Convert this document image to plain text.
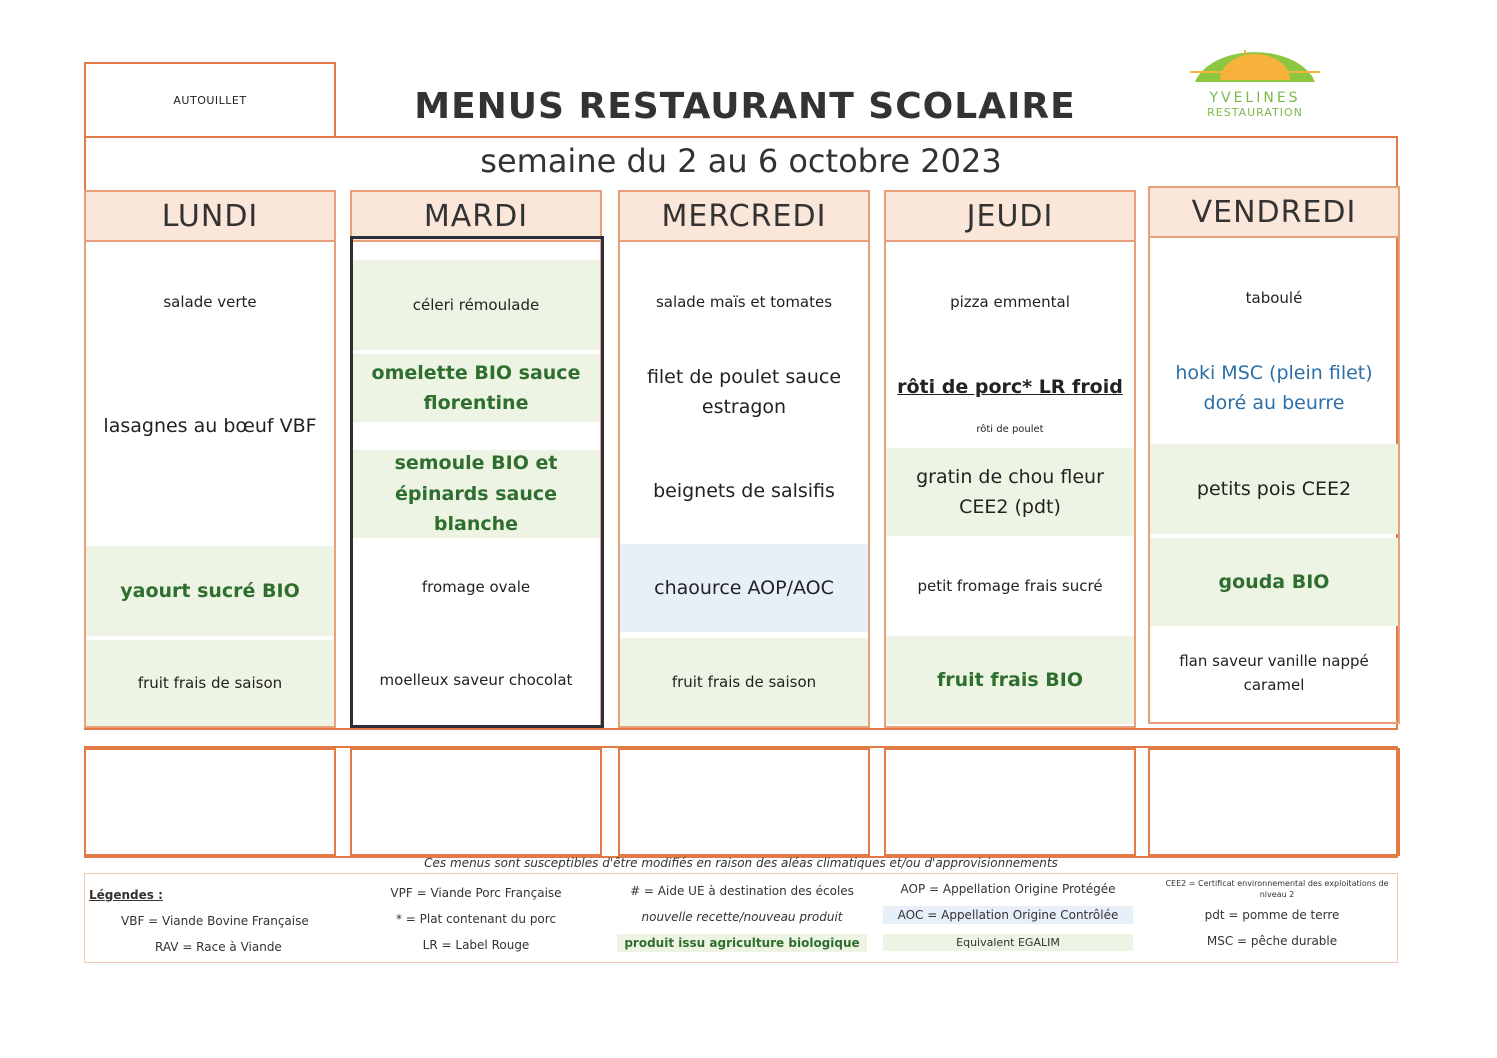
AUTOUILLET	MENUS RESTAURANT SCOLAIRE	YVELINES
RESTAURATION
semaine du 2 au 6 octobre 2023
LUNDI
salade verte
lasagnes au bœuf VBF
yaourt sucré BIO
fruit frais de saison
MARDI
céleri rémoulade
omelette BIO sauce florentine
semoule BIO et épinards sauce blanche
fromage ovale
moelleux saveur chocolat
MERCREDI
salade maïs et tomates
filet de poulet sauce estragon
beignets de salsifis
chaource AOP/AOC
fruit frais de saison
JEUDI
pizza emmental
rôti de porc* LR froid
rôti de poulet
gratin de chou fleur CEE2 (pdt)
petit fromage frais sucré
fruit frais BIO
VENDREDI
taboulé
hoki MSC (plein filet) doré au beurre
petits pois CEE2
gouda BIO
flan saveur vanille nappé caramel
Ces menus sont susceptibles d'être modifiés en raison des aléas climatiques et/ou d'approvisionnements
Légendes :
VBF = Viande Bovine Française
RAV = Race à Viande
VPF = Viande Porc Française
* = Plat contenant du porc
LR = Label Rouge
# = Aide UE à destination des écoles
nouvelle recette/nouveau produit
produit issu agriculture biologique
AOP = Appellation Origine Protégée
AOC = Appellation Origine Contrôlée
Equivalent EGALIM
CEE2 = Certificat environnemental des exploitations de niveau 2
pdt = pomme de terre
MSC = pêche durable
